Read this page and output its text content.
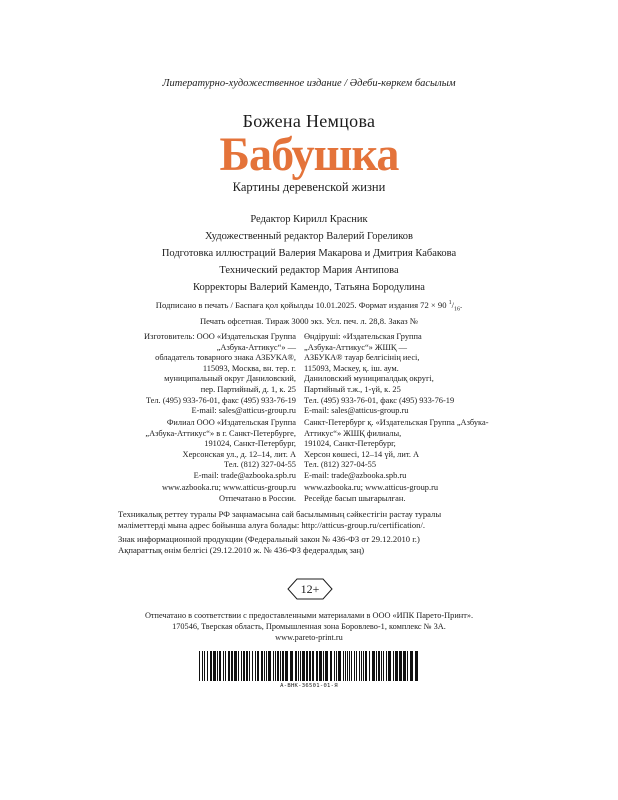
Литературно-художественное издание / Әдеби-көркем басылым
Божена Немцова
Бабушка
Картины деревенской жизни
Редактор Кирилл Красник
Художественный редактор Валерий Гореликов
Подготовка иллюстраций Валерия Макарова и Дмитрия Кабакова
Технический редактор Мария Антипова
Корректоры Валерий Камендо, Татьяна Бородулина
Подписано в печать / Баспаға қол қойылды 10.01.2025. Формат издания 72 × 90 $^1/_{16}$.
Печать офсетная. Тираж 3000 экз. Усл. печ. л. 28,8. Заказ №
Изготовитель: ООО «Издательская Группа
„Азбука-Аттикус“» —
обладатель товарного знака АЗБУКА®,
115093, Москва, вн. тер. г.
муниципальный округ Даниловский,
пер. Партийный, д. 1, к. 25
Тел. (495) 933-76-01, факс (495) 933-76-19
E-mail: sales@atticus-group.ru
Өндіруші: «Издательская Группа
„Азбука-Аттикус“» ЖШҚ —
АЗБУКА® тауар белгісінің иесі,
115093, Мәскеу, қ. іш. аум.
Даниловский муниципалдық округі,
Партийный т.ж., 1-үй, к. 25
Тел. (495) 933-76-01, факс (495) 933-76-19
E-mail: sales@atticus-group.ru
Филиал ООО «Издательская Группа
„Азбука-Аттикус“» в г. Санкт-Петербурге,
191024, Санкт-Петербург,
Херсонская ул., д. 12–14, лит. А
Тел. (812) 327-04-55
E-mail: trade@azbooka.spb.ru
Санкт-Петербург қ. «Издательская Группа „Азбука-
Аттикус“» ЖШҚ филиалы,
191024, Санкт-Петербург,
Херсон көшесі, 12–14 үй, лит. А
Тел. (812) 327-04-55
E-mail: trade@azbooka.spb.ru
www.azbooka.ru; www.atticus-group.ru
Отпечатано в России.
www.azbooka.ru; www.atticus-group.ru
Ресейде басып шығарылған.
Техникалық реттеу туралы РФ заңнамасына сай басылымның сәйкестігін растау туралы
мәліметтерді мына адрес бойынша алуға болады: http://atticus-group.ru/certification/.
Знак информационной продукции (Федеральный закон № 436-ФЗ от 29.12.2010 г.)
Ақпараттық өнім белгісі (29.12.2010 ж. № 436-ФЗ федералдық заң)
12+
Отпечатано в соответствии с предоставленными материалами в ООО «ИПК Парето-Принт».
170546, Тверская область, Промышленная зона Боровлево-1, комплекс № 3А.
www.pareto-print.ru
А-ВНК-36501-01-Я
